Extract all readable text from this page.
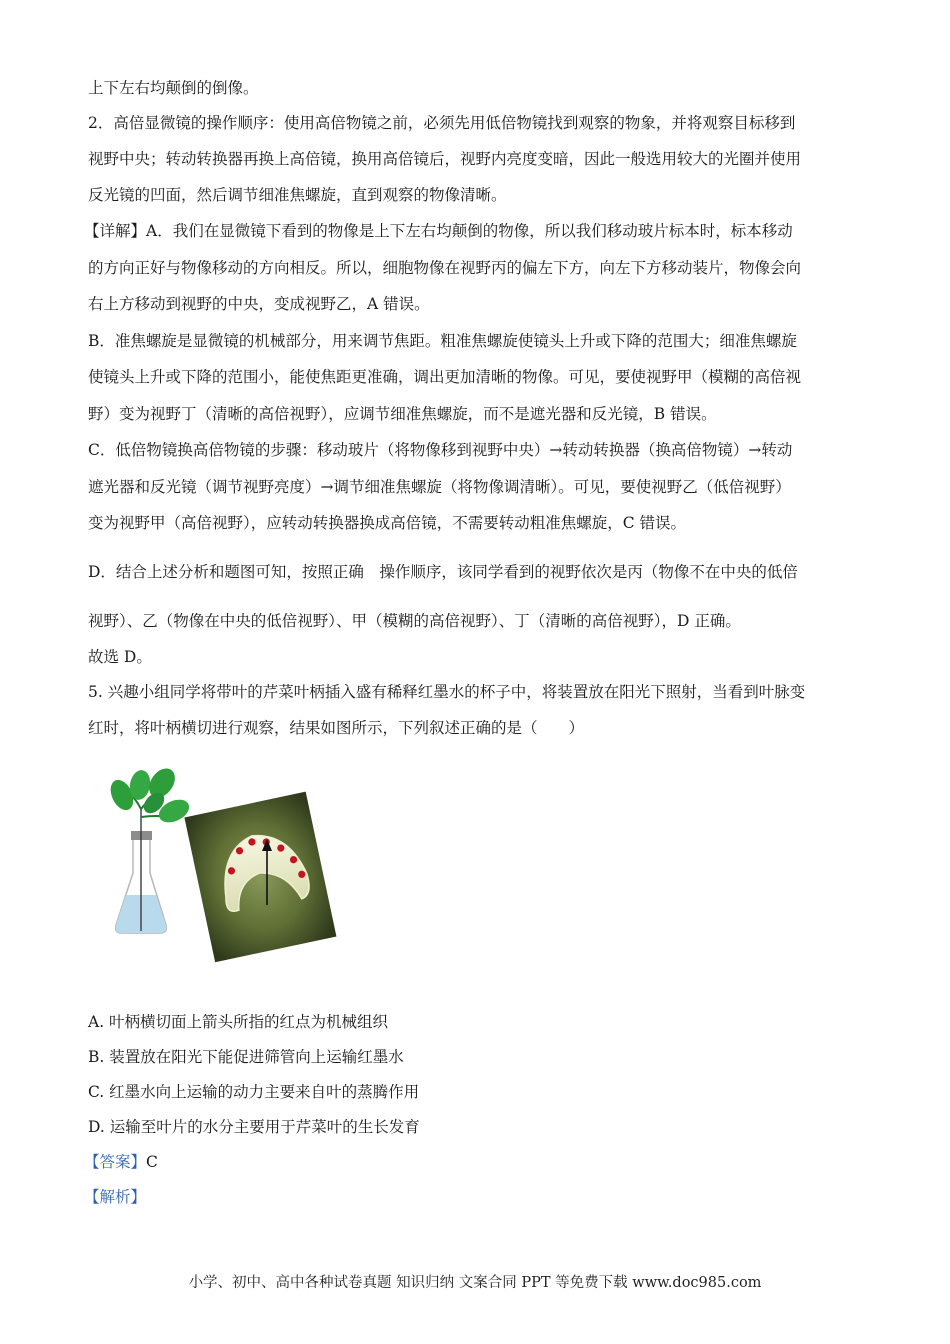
上下左右均颠倒的倒像。
2．高倍显微镜的操作顺序：使用高倍物镜之前，必须先用低倍物镜找到观察的物象，并将观察目标移到
视野中央；转动转换器再换上高倍镜，换用高倍镜后，视野内亮度变暗，因此一般选用较大的光圈并使用
反光镜的凹面，然后调节细准焦螺旋，直到观察的物像清晰。
【详解】A．我们在显微镜下看到的物像是上下左右均颠倒的物像，所以我们移动玻片标本时，标本移动
的方向正好与物像移动的方向相反。所以，细胞物像在视野丙的偏左下方，向左下方移动装片，物像会向
右上方移动到视野的中央，变成视野乙，A 错误。
B．准焦螺旋是显微镜的机械部分，用来调节焦距。粗准焦螺旋使镜头上升或下降的范围大；细准焦螺旋
使镜头上升或下降的范围小，能使焦距更准确，调出更加清晰的物像。可见，要使视野甲（模糊的高倍视
野）变为视野丁（清晰的高倍视野），应调节细准焦螺旋，而不是遮光器和反光镜，B 错误。
C．低倍物镜换高倍物镜的步骤：移动玻片（将物像移到视野中央）→转动转换器（换高倍物镜）→转动
遮光器和反光镜（调节视野亮度）→调节细准焦螺旋（将物像调清晰）。可见，要使视野乙（低倍视野）
变为视野甲（高倍视野），应转动转换器换成高倍镜，不需要转动粗准焦螺旋，C 错误。
D．结合上述分析和题图可知，按照正确　操作顺序，该同学看到的视野依次是丙（物像不在中央的低倍
视野）、乙（物像在中央的低倍视野）、甲（模糊的高倍视野）、丁（清晰的高倍视野），D 正确。
故选 D。
5. 兴趣小组同学将带叶的芹菜叶柄插入盛有稀释红墨水的杯子中，将装置放在阳光下照射，当看到叶脉变
红时，将叶柄横切进行观察，结果如图所示，下列叙述正确的是（　　）
A. 叶柄横切面上箭头所指的红点为机械组织
B. 装置放在阳光下能促进筛管向上运输红墨水
C. 红墨水向上运输的动力主要来自叶的蒸腾作用
D. 运输至叶片的水分主要用于芹菜叶的生长发育
【答案】C
【解析】
小学、初中、高中各种试卷真题 知识归纳 文案合同 PPT 等免费下载 www.doc985.com
